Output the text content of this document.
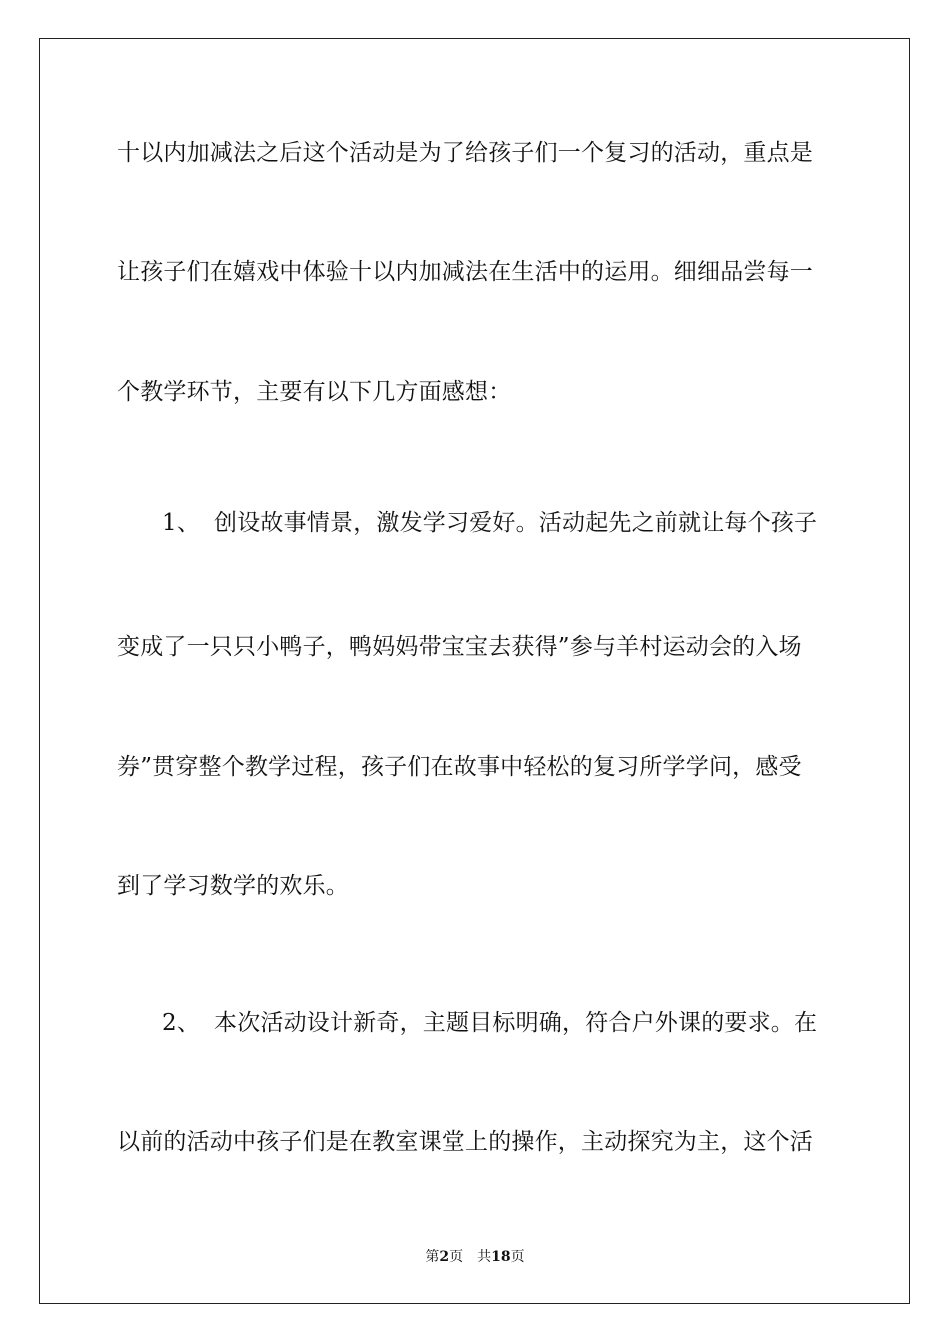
十以内加减法之后这个活动是为了给孩子们一个复习的活动，重点是
让孩子们在嬉戏中体验十以内加减法在生活中的运用。细细品尝每一
个教学环节，主要有以下几方面感想：
1、 创设故事情景，激发学习爱好。活动起先之前就让每个孩子
变成了一只只小鸭子，鸭妈妈带宝宝去获得”参与羊村运动会的入场
券”贯穿整个教学过程，孩子们在故事中轻松的复习所学学问，感受
到了学习数学的欢乐。
2、 本次活动设计新奇，主题目标明确，符合户外课的要求。在
以前的活动中孩子们是在教室课堂上的操作，主动探究为主，这个活
第2页 共18页
